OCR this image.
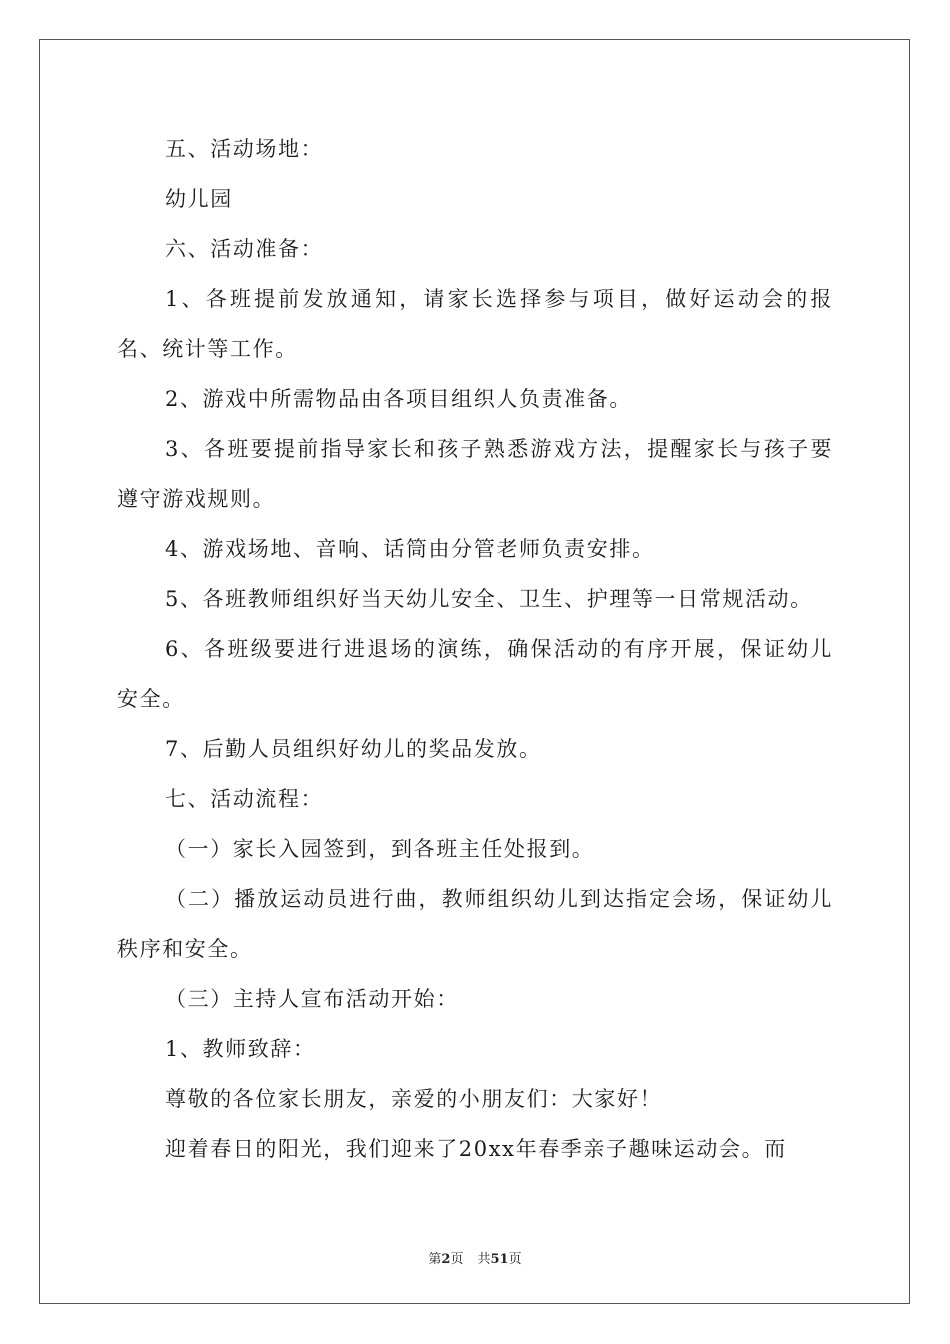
五、活动场地：

幼儿园

六、活动准备：

1、各班提前发放通知，请家长选择参与项目，做好运动会的报名、统计等工作。

2、游戏中所需物品由各项目组织人负责准备。

3、各班要提前指导家长和孩子熟悉游戏方法，提醒家长与孩子要遵守游戏规则。

4、游戏场地、音响、话筒由分管老师负责安排。

5、各班教师组织好当天幼儿安全、卫生、护理等一日常规活动。

6、各班级要进行进退场的演练，确保活动的有序开展，保证幼儿安全。

7、后勤人员组织好幼儿的奖品发放。

七、活动流程：

（一）家长入园签到，到各班主任处报到。

（二）播放运动员进行曲，教师组织幼儿到达指定会场，保证幼儿秩序和安全。

（三）主持人宣布活动开始：

1、教师致辞：

尊敬的各位家长朋友，亲爱的小朋友们：大家好！

迎着春日的阳光，我们迎来了20xx年春季亲子趣味运动会。而

第2页 共51页
